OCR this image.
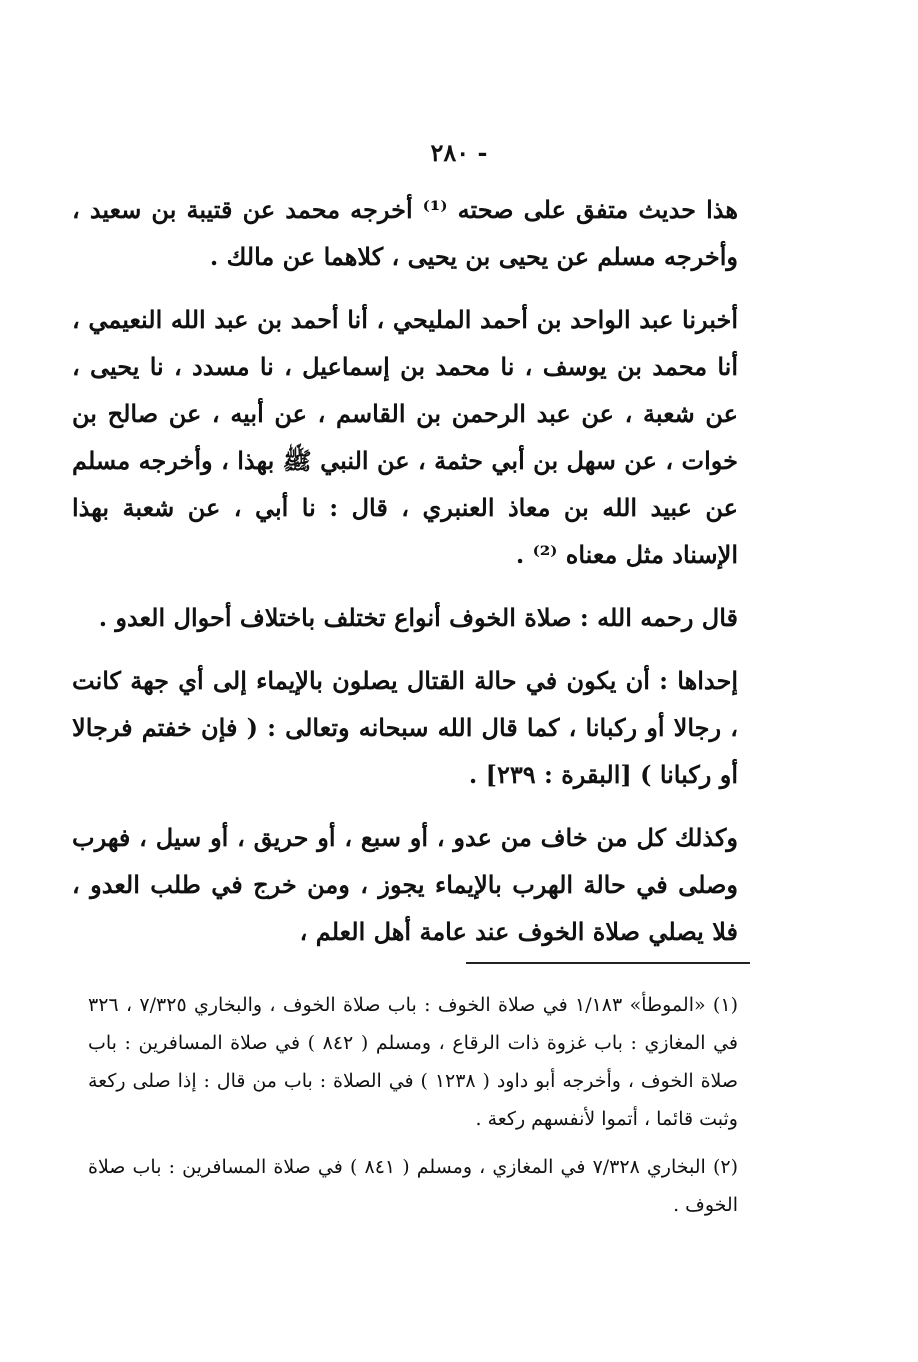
- ٢٨٠

هذا حديث متفق على صحته ⁽¹⁾ أخرجه محمد عن قتيبة بن سعيد ، وأخرجه مسلم عن يحيى بن يحيى ، كلاهما عن مالك .

أخبرنا عبد الواحد بن أحمد المليحي ، أنا أحمد بن عبد الله النعيمي ، أنا محمد بن يوسف ، نا محمد بن إسماعيل ، نا مسدد ، نا يحيى ، عن شعبة ، عن عبد الرحمن بن القاسم ، عن أبيه ، عن صالح بن خوات ، عن سهل بن أبي حثمة ، عن النبي ﷺ بهذا ، وأخرجه مسلم عن عبيد الله بن معاذ العنبري ، قال : نا أبي ، عن شعبة بهذا الإسناد مثل معناه ⁽²⁾ .

قال رحمه الله : صلاة الخوف أنواع تختلف باختلاف أحوال العدو .

إحداها : أن يكون في حالة القتال يصلون بالإيماء إلى أي جهة كانت ، رجالا أو ركبانا ، كما قال الله سبحانه وتعالى : ( فإن خفتم فرجالا أو ركبانا ) [البقرة : ٢٣٩] .

وكذلك كل من خاف من عدو ، أو سبع ، أو حريق ، أو سيل ، فهرب وصلى في حالة الهرب بالإيماء يجوز ، ومن خرج في طلب العدو ، فلا يصلي صلاة الخوف عند عامة أهل العلم ،

(١) «الموطأ» ١/١٨٣ في صلاة الخوف : باب صلاة الخوف ، والبخاري ٧/٣٢٥ ، ٣٢٦ في المغازي : باب غزوة ذات الرقاع ، ومسلم ( ٨٤٢ ) في صلاة المسافرين : باب صلاة الخوف ، وأخرجه أبو داود ( ١٢٣٨ ) في الصلاة : باب من قال : إذا صلى ركعة وثبت قائما ، أتموا لأنفسهم ركعة .

(٢) البخاري ٧/٣٢٨ في المغازي ، ومسلم ( ٨٤١ ) في صلاة المسافرين : باب صلاة الخوف .
